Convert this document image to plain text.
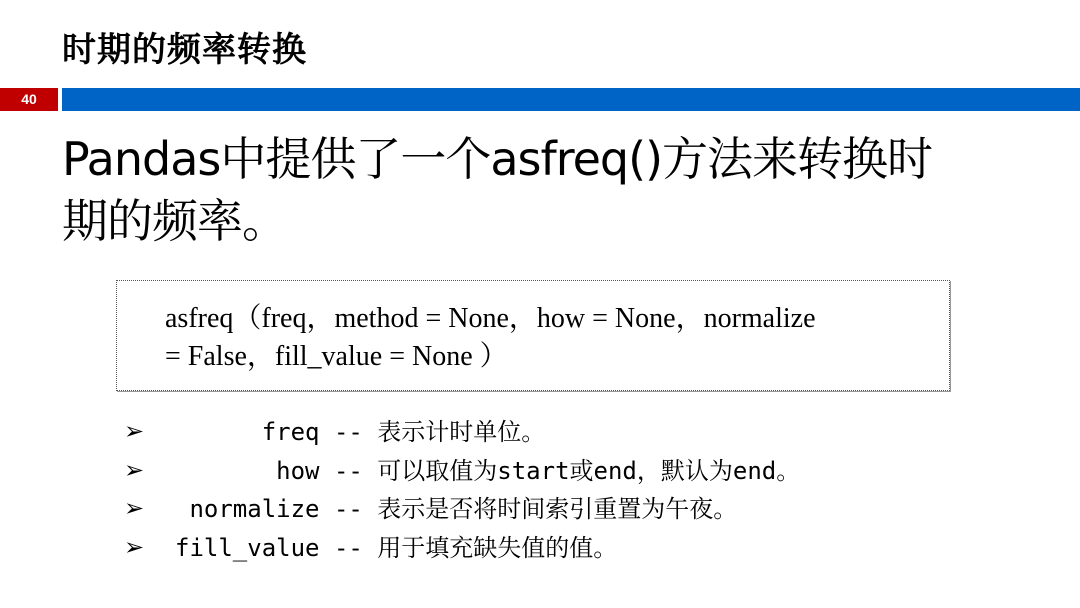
时期的频率转换
40
Pandas中提供了一个asfreq()方法来转换时
期的频率。
asfreq（freq，method = None，how = None，normalize
= False，fill_value = None ）
➢ freq -- 表示计时单位。
➢ how -- 可以取值为start或end，默认为end。
➢ normalize -- 表示是否将时间索引重置为午夜。
➢ fill_value -- 用于填充缺失值的值。
